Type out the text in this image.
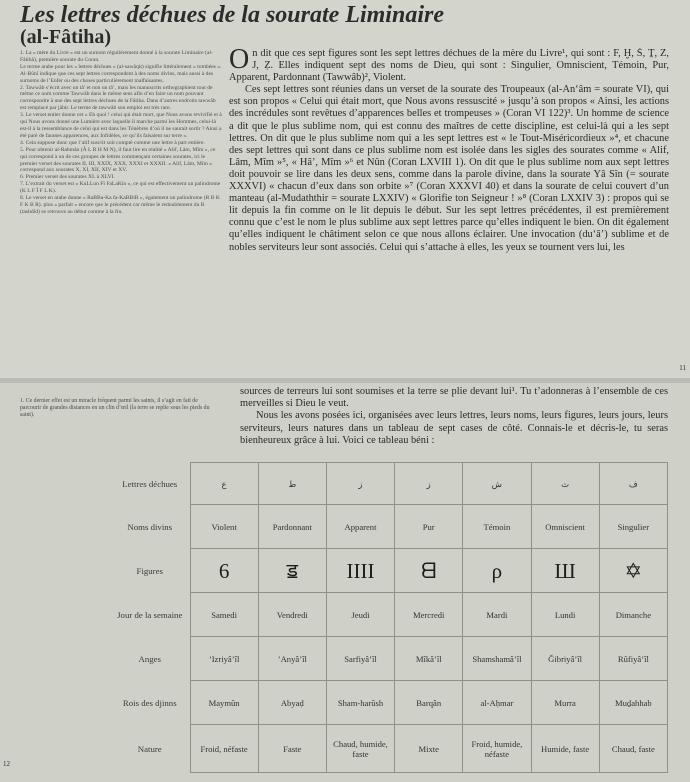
Les lettres déchues de la sourate Liminaire
(al-Fâtiha)

1. La « mère du Livre » est un surnom régulièrement donné à la sourate Liminaire (al-Fâtihâ), première sourate du Coran.

Le terme arabe pour les « lettres déchues » (al-sawâqit) signifie littéralement « tombées ». Al-Bûnî indique que ces sept lettres correspondent à des noms divins, mais aussi à des surnoms de l’Enfer ou des choses particulièrement malfaisantes.

2. Tawwâb s’écrit avec un tâ’ et non un tâ’, mais les manuscrits orthographient tout de même ce nom comme Tawwâb dans le même sens afin d’en faire un nom pouvant correspondre à une des sept lettres déchues de la Fâtiha. Dans d’autres endroits tawwâb est remplacé par jâbir. Le terme de tawwâb son emploi est très rare.

3. Le verset entier donne cet « Eh quoi ! celui qui était mort, que Nous avons revivifié et à qui Nous avons donné une Lumière avec laquelle il marche parmi les Hommes, celui-là est-il à la ressemblance de celui qui est dans les Ténèbres d’où il ne saurait sortir ? Ainsi a été paré de fausses apparences, aux Infidèles, ce qu’ils faisaient sur terre ».

4. Cela suppose donc que l’alif suscrit soit compté comme une lettre à part entière.

5. Pour obtenir al-Rahmân (Â L R H M N), il faut lire en réalité « Alif, Lâm, Mîm », ce qui correspond à un de ces groupes de lettres commençant certaines sourates, ici le premier verset des sourates II, III, XXIX, XXX, XXXI et XXXII. « Alif, Lâm, Mîm » correspond aux sourates X, XI, XII, XIV et XV.

6. Premier verset des sourates XL à XLVI.

7. L’extrait du verset est « KuLLun Fî FaLaKin », ce qui est effectivement un palindrome (K L F Î F L K).

8. Le verset en arabe donne « RaBBa-Ka fa-KaBBiR », également un palindrome (R B K F K B R). plus « parfait » encore que le précédent car même le redoublement du B (tashdîd) se retrouve au début comme à la fin.

On dit que ces sept figures sont les sept lettres déchues de la mère du Livre¹, qui sont : F, Ḫ, Š, Ṯ, Z, J, Ẓ. Elles indiquent sept des noms de Dieu, qui sont : Singulier, Omniscient, Témoin, Pur, Apparent, Pardonnant (Tawwâb)², Violent.

Ces sept lettres sont réunies dans un verset de la sourate des Troupeaux (al-An‘âm = sourate VI), qui est son propos « Celui qui était mort, que Nous avons ressuscité » jusqu’à son propos « Ainsi, les actions des incrédules sont revêtues d’apparences belles et trompeuses » (Coran VI 122)³. Un homme de science a dit que le plus sublime nom, qui est connu des maîtres de cette discipline, est celui-là qui a les sept lettres. On dit que le plus sublime nom qui a les sept lettres est « le Tout-Miséricordieux »⁴, et chacune des sept lettres qui sont dans ce plus sublime nom est isolée dans les sigles des sourates comme « Alif, Lâm, Mîm »⁵, « Hâ’, Mîm »⁶ et Nûn (Coran LXVIII 1). On dit que le plus sublime nom aux sept lettres doit pouvoir se lire dans les deux sens, comme dans la parole divine, dans la sourate Yâ Sîn (= sourate XXXVI) « chacun d’eux dans son orbite »⁷ (Coran XXXVI 40) et dans la sourate de celui couvert d’un manteau (al-Mudaththir = sourate LXXIV) « Glorifie ton Seigneur ! »⁸ (Coran LXXIV 3) : propos qui se lit depuis la fin comme on le lit depuis le début. Sur les sept lettres précédentes, il est premièrement connu que c’est le nom le plus sublime aux sept lettres parce qu’elles indiquent le bien. On dit également qu’elles indiquent le châtiment selon ce que nous allons éclairer. Une invocation (du‘â’) sublime et de nobles serviteurs leur sont associés. Celui qui s’attache à elles, les yeux se tournent vers lui, les

11

1. Ce dernier effet est un miracle fréquent parmi les saints, il s’agit en fait de parcourir de grandes distances en un clin d’œil (la terre se replie sous les pieds du saint).

sources de terreurs lui sont soumises et la terre se plie devant lui¹. Tu t’adonneras à l’ensemble de ces merveilles si Dieu le veut.

Nous les avons posées ici, organisées avec leurs lettres, leurs noms, leurs figures, leurs jours, leurs serviteurs, leurs natures dans un tableau de sept cases de côté. Connais-le et décris-le, tu seras bienheureux grâce à lui. Voici ce tableau béni :

Lettres déchues	ع	ط	ز	ز	ش	ث	ف
Noms divins	Violent	Pardonnant	Apparent	Pur	Témoin	Omniscient	Singulier
Figures	6	ॾ	IIII	ᗺ	ρ	Ш	✡

Jour de la semaine	Samedi	Vendredi	Jeudi	Mercredi	Mardi	Lundi	Dimanche
Anges	’Izriyâ’îl	’Anyâ’îl	Sarfiyâ’îl	Mîkâ’îl	Shamshamâ’îl	Ğibriyâ’îl	Rûfiyâ’îl
Rois des djinns	Maymûn	Abyaḍ	Sham-harûsh	Barqân	al-Aḥmar	Murra	Muḏahhab
Nature	Froid, néfaste	Faste	Chaud, humide, faste	Mixte	Froid, humide, néfaste	Humide, faste	Chaud, faste
12
